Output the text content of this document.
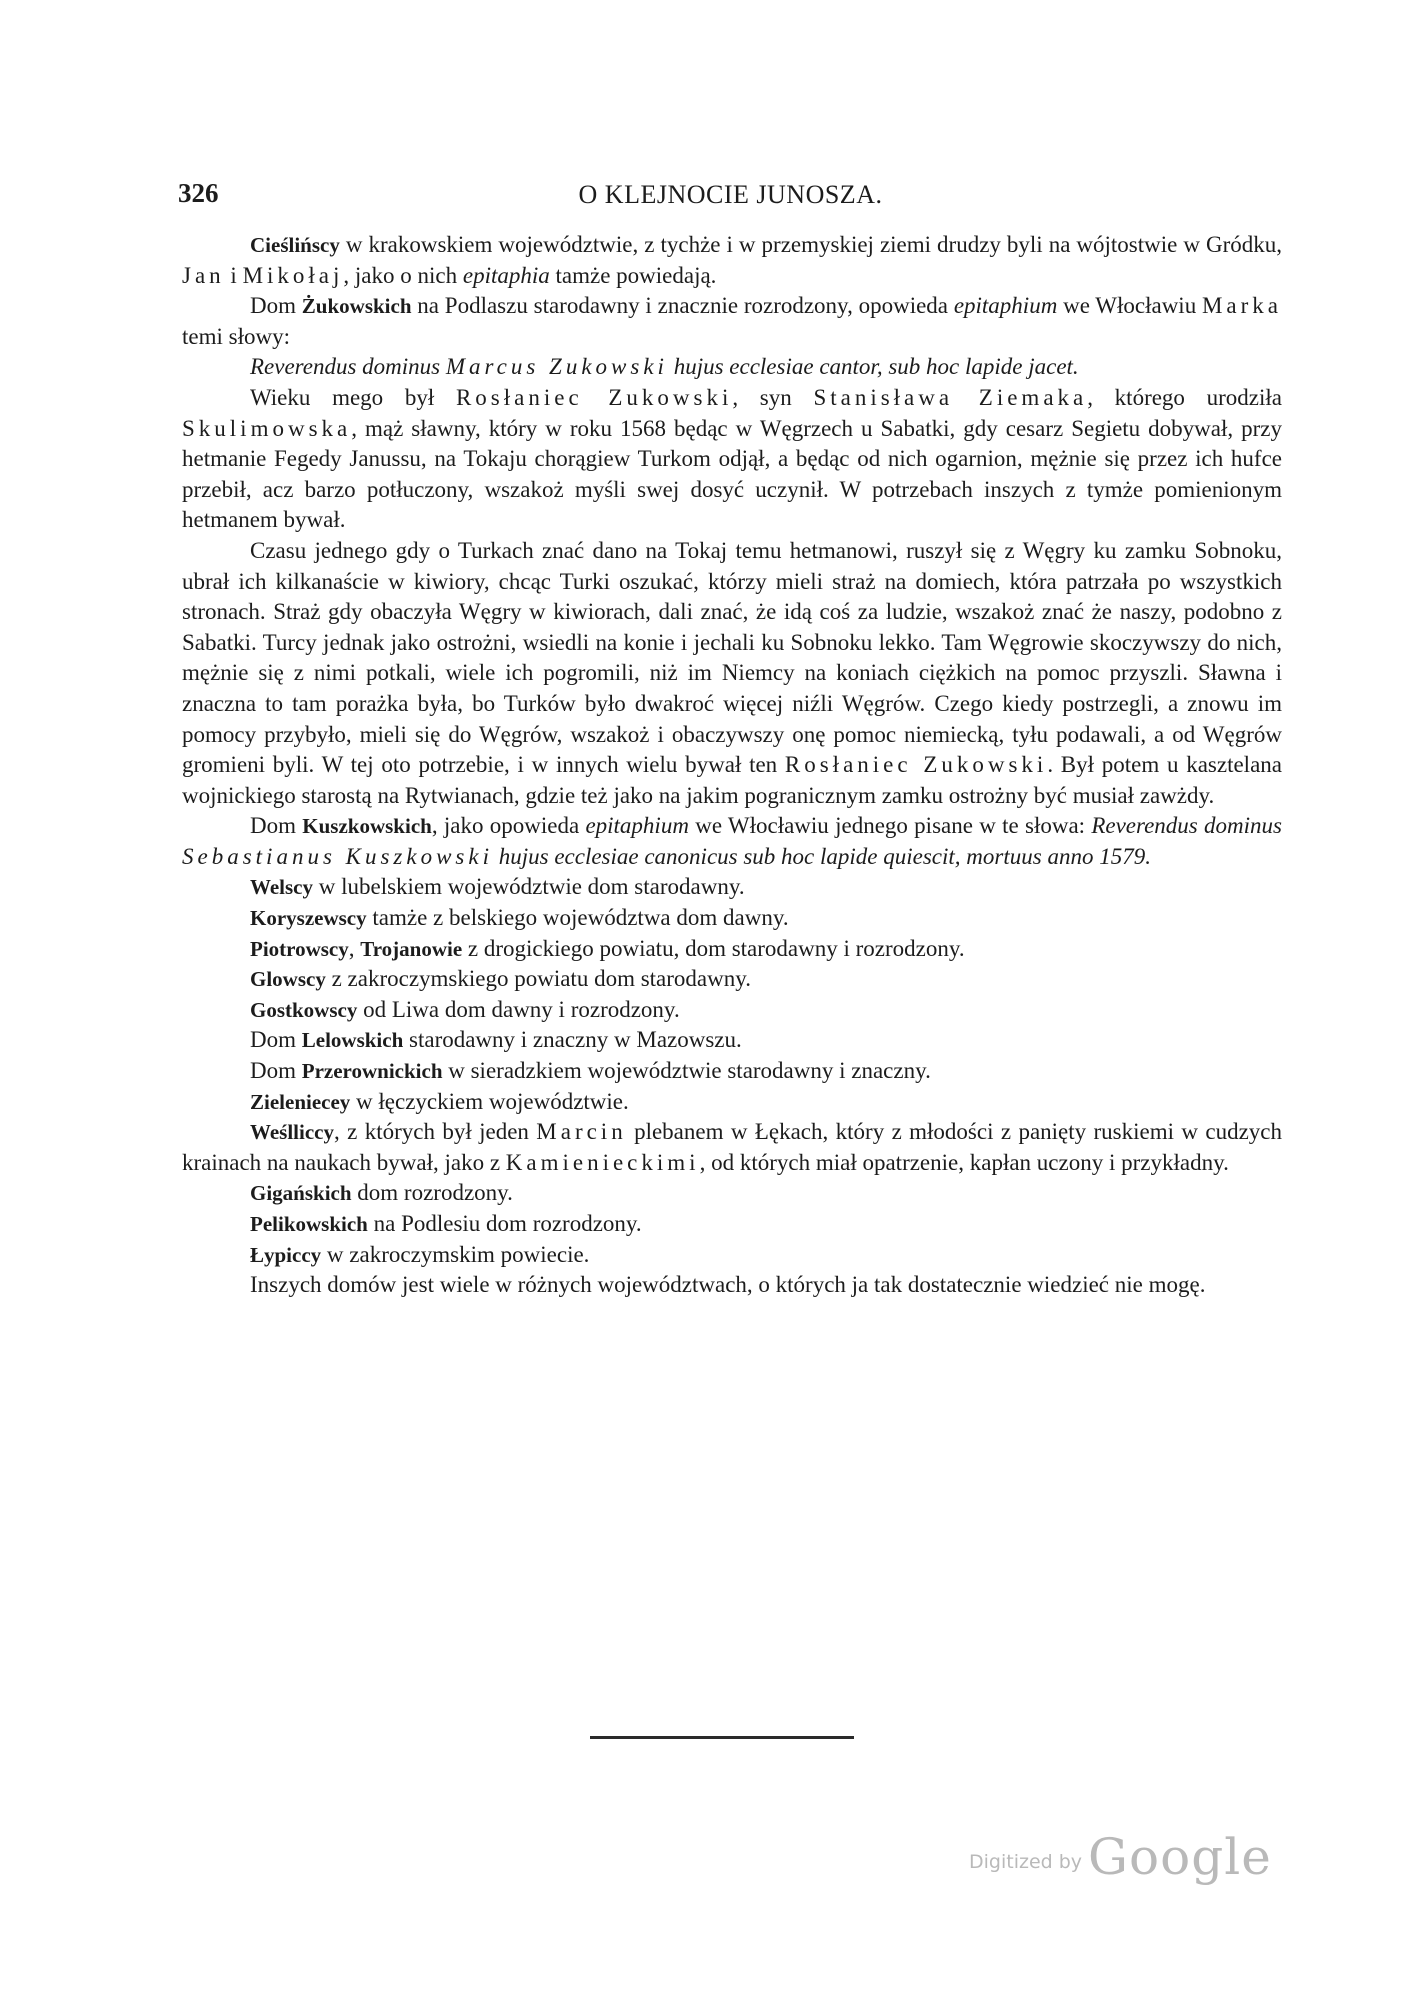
326	O KLEJNOCIE JUNOSZA.

Cieślińscy w krakowskiem województwie, z tychże i w przemyskiej ziemi drudzy byli na wójtostwie w Gródku, Jan i Mikołaj, jako o nich epitaphia tamże powiedają.

Dom Żukowskich na Podlaszu starodawny i znacznie rozrodzony, opowieda epitaphium we Włocławiu Marka temi słowy:

Reverendus dominus Marcus Zukowski hujus ecclesiae cantor, sub hoc lapide jacet.

Wieku mego był Rosłaniec Zukowski, syn Stanisława Ziemaka, którego urodziła Skulimowska, mąż sławny, który w roku 1568 będąc w Węgrzech u Sabatki, gdy cesarz Segietu dobywał, przy hetmanie Fegedy Janussu, na Tokaju chorągiew Turkom odjął, a będąc od nich ogarnion, mężnie się przez ich hufce przebił, acz barzo potłuczony, wszakoż myśli swej dosyć uczynił. W potrzebach inszych z tymże pomienionym hetmanem bywał.

Czasu jednego gdy o Turkach znać dano na Tokaj temu hetmanowi, ruszył się z Węgry ku zamku Sobnoku, ubrał ich kilkanaście w kiwiory, chcąc Turki oszukać, którzy mieli straż na domiech, która patrzała po wszystkich stronach. Straż gdy obaczyła Węgry w kiwiorach, dali znać, że idą coś za ludzie, wszakoż znać że naszy, podobno z Sabatki. Turcy jednak jako ostrożni, wsiedli na konie i jechali ku Sobnoku lekko. Tam Węgrowie skoczywszy do nich, mężnie się z nimi potkali, wiele ich pogromili, niż im Niemcy na koniach ciężkich na pomoc przyszli. Sławna i znaczna to tam porażka była, bo Turków było dwakroć więcej niźli Węgrów. Czego kiedy postrzegli, a znowu im pomocy przybyło, mieli się do Węgrów, wszakoż i obaczywszy onę pomoc niemiecką, tyłu podawali, a od Węgrów gromieni byli. W tej oto potrzebie, i w innych wielu bywał ten Rosłaniec Zukowski. Był potem u kasztelana wojnickiego starostą na Rytwianach, gdzie też jako na jakim pogranicznym zamku ostrożny być musiał zawżdy.

Dom Kuszkowskich, jako opowieda epitaphium we Włocławiu jednego pisane w te słowa: Reverendus dominus Sebastianus Kuszkowski hujus ecclesiae canonicus sub hoc lapide quiescit, mortuus anno 1579.

Welscy w lubelskiem województwie dom starodawny.

Koryszewscy tamże z belskiego województwa dom dawny.

Piotrowscy, Trojanowie z drogickiego powiatu, dom starodawny i rozrodzony.

Glowscy z zakroczymskiego powiatu dom starodawny.

Gostkowscy od Liwa dom dawny i rozrodzony.

Dom Lelowskich starodawny i znaczny w Mazowszu.

Dom Przerownickich w sieradzkiem województwie starodawny i znaczny.

Zieleniecey w łęczyckiem województwie.

Weślliccy, z których był jeden Marcin plebanem w Łękach, który z młodości z panięty ruskiemi w cudzych krainach na naukach bywał, jako z Kamienieckimi, od których miał opatrzenie, kapłan uczony i przykładny.

Gigańskich dom rozrodzony.

Pelikowskich na Podlesiu dom rozrodzony.

Łypiccy w zakroczymskim powiecie.

Inszych domów jest wiele w różnych województwach, o których ja tak dostatecznie wiedzieć nie mogę.

Digitized by Google
